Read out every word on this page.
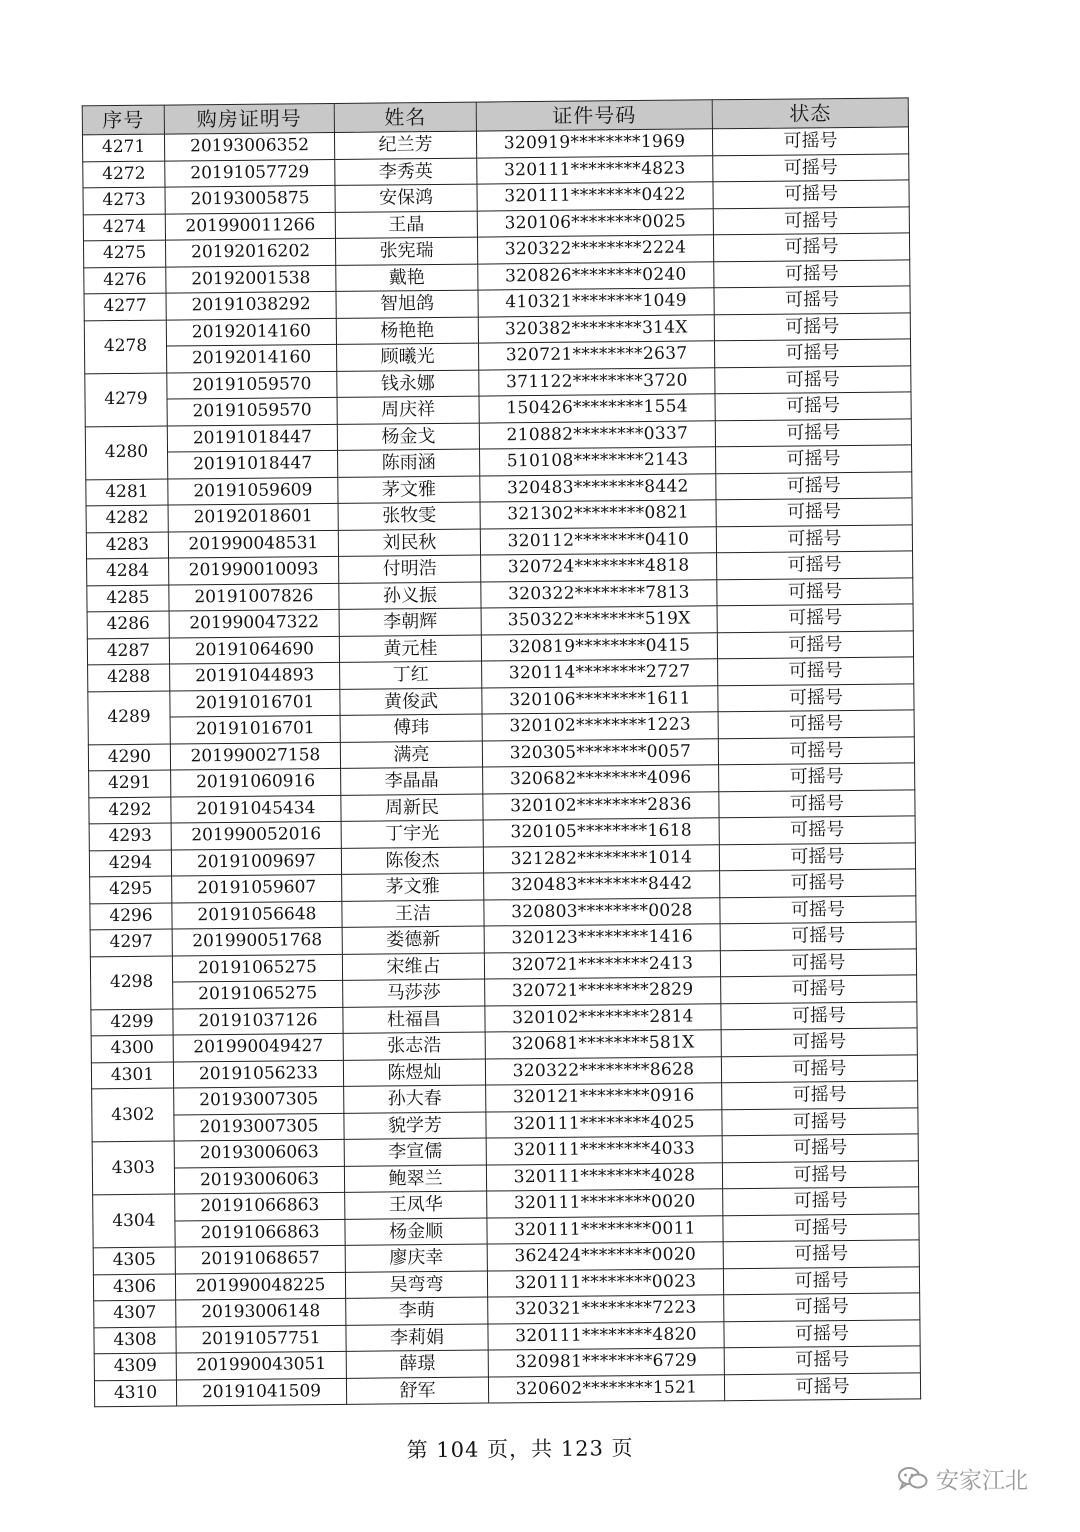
序号	购房证明号	姓名	证件号码	状态
4271	20193006352	纪兰芳	320919********1969	可摇号
4272	20191057729	李秀英	320111********4823	可摇号
4273	20193005875	安保鸿	320111********0422	可摇号
4274	201990011266	王晶	320106********0025	可摇号
4275	20192016202	张宪瑞	320322********2224	可摇号
4276	20192001538	戴艳	320826********0240	可摇号
4277	20191038292	智旭鸽	410321********1049	可摇号
4278	20192014160	杨艳艳	320382********314X	可摇号
	20192014160	顾曦光	320721********2637	可摇号
4279	20191059570	钱永娜	371122********3720	可摇号
	20191059570	周庆祥	150426********1554	可摇号
4280	20191018447	杨金戈	210882********0337	可摇号
	20191018447	陈雨涵	510108********2143	可摇号
4281	20191059609	茅文雅	320483********8442	可摇号
4282	20192018601	张牧雯	321302********0821	可摇号
4283	201990048531	刘民秋	320112********0410	可摇号
4284	201990010093	付明浩	320724********4818	可摇号
4285	20191007826	孙义振	320322********7813	可摇号
4286	201990047322	李朝辉	350322********519X	可摇号
4287	20191064690	黄元桂	320819********0415	可摇号
4288	20191044893	丁红	320114********2727	可摇号
4289	20191016701	黄俊武	320106********1611	可摇号
	20191016701	傅玮	320102********1223	可摇号
4290	201990027158	满亮	320305********0057	可摇号
4291	20191060916	李晶晶	320682********4096	可摇号
4292	20191045434	周新民	320102********2836	可摇号
4293	201990052016	丁宇光	320105********1618	可摇号
4294	20191009697	陈俊杰	321282********1014	可摇号
4295	20191059607	茅文雅	320483********8442	可摇号
4296	20191056648	王洁	320803********0028	可摇号
4297	201990051768	娄德新	320123********1416	可摇号
4298	20191065275	宋维占	320721********2413	可摇号
	20191065275	马莎莎	320721********2829	可摇号
4299	20191037126	杜福昌	320102********2814	可摇号
4300	201990049427	张志浩	320681********581X	可摇号
4301	20191056233	陈煜灿	320322********8628	可摇号
4302	20193007305	孙大春	320121********0916	可摇号
	20193007305	貌学芳	320111********4025	可摇号
4303	20193006063	李宣儒	320111********4033	可摇号
	20193006063	鲍翠兰	320111********4028	可摇号
4304	20191066863	王凤华	320111********0020	可摇号
	20191066863	杨金顺	320111********0011	可摇号
4305	20191068657	廖庆幸	362424********0020	可摇号
4306	201990048225	吴弯弯	320111********0023	可摇号
4307	20193006148	李萌	320321********7223	可摇号
4308	20191057751	李莉娟	320111********4820	可摇号
4309	201990043051	薛璟	320981********6729	可摇号
4310	20191041509	舒军	320602********1521	可摇号
第 104 页，共 123 页
安家江北
